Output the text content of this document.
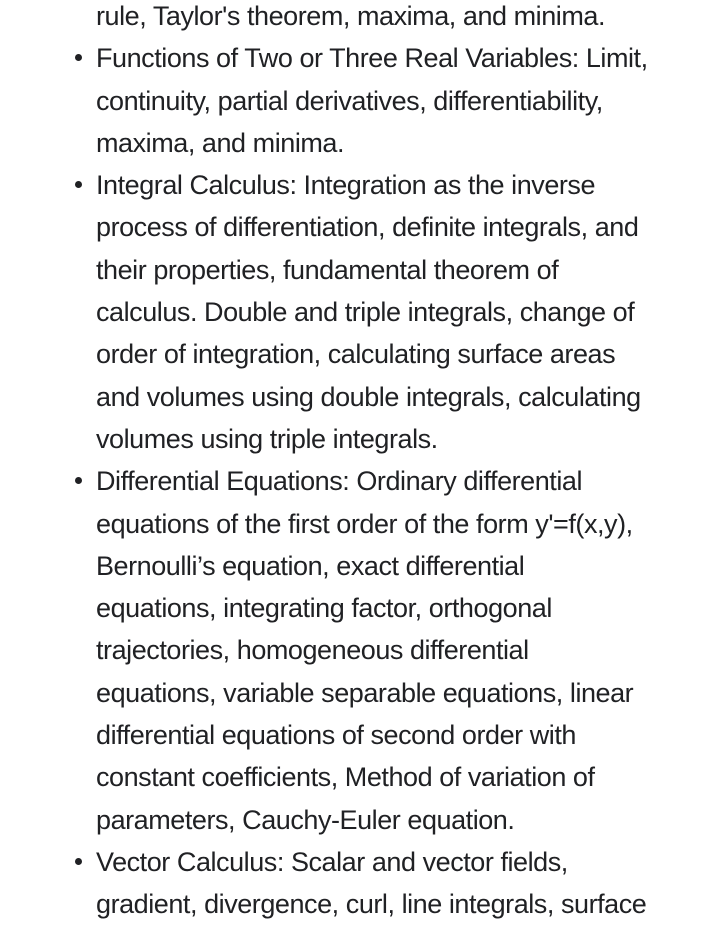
rule, Taylor's theorem, maxima, and minima.
Functions of Two or Three Real Variables: Limit,
continuity, partial derivatives, differentiability,
maxima, and minima.
Integral Calculus: Integration as the inverse
process of differentiation, definite integrals, and
their properties, fundamental theorem of
calculus. Double and triple integrals, change of
order of integration, calculating surface areas
and volumes using double integrals, calculating
volumes using triple integrals.
Differential Equations: Ordinary differential
equations of the first order of the form y'=f(x,y),
Bernoulli’s equation, exact differential
equations, integrating factor, orthogonal
trajectories, homogeneous differential
equations, variable separable equations, linear
differential equations of second order with
constant coefficients, Method of variation of
parameters, Cauchy-Euler equation.
Vector Calculus: Scalar and vector fields,
gradient, divergence, curl, line integrals, surface
